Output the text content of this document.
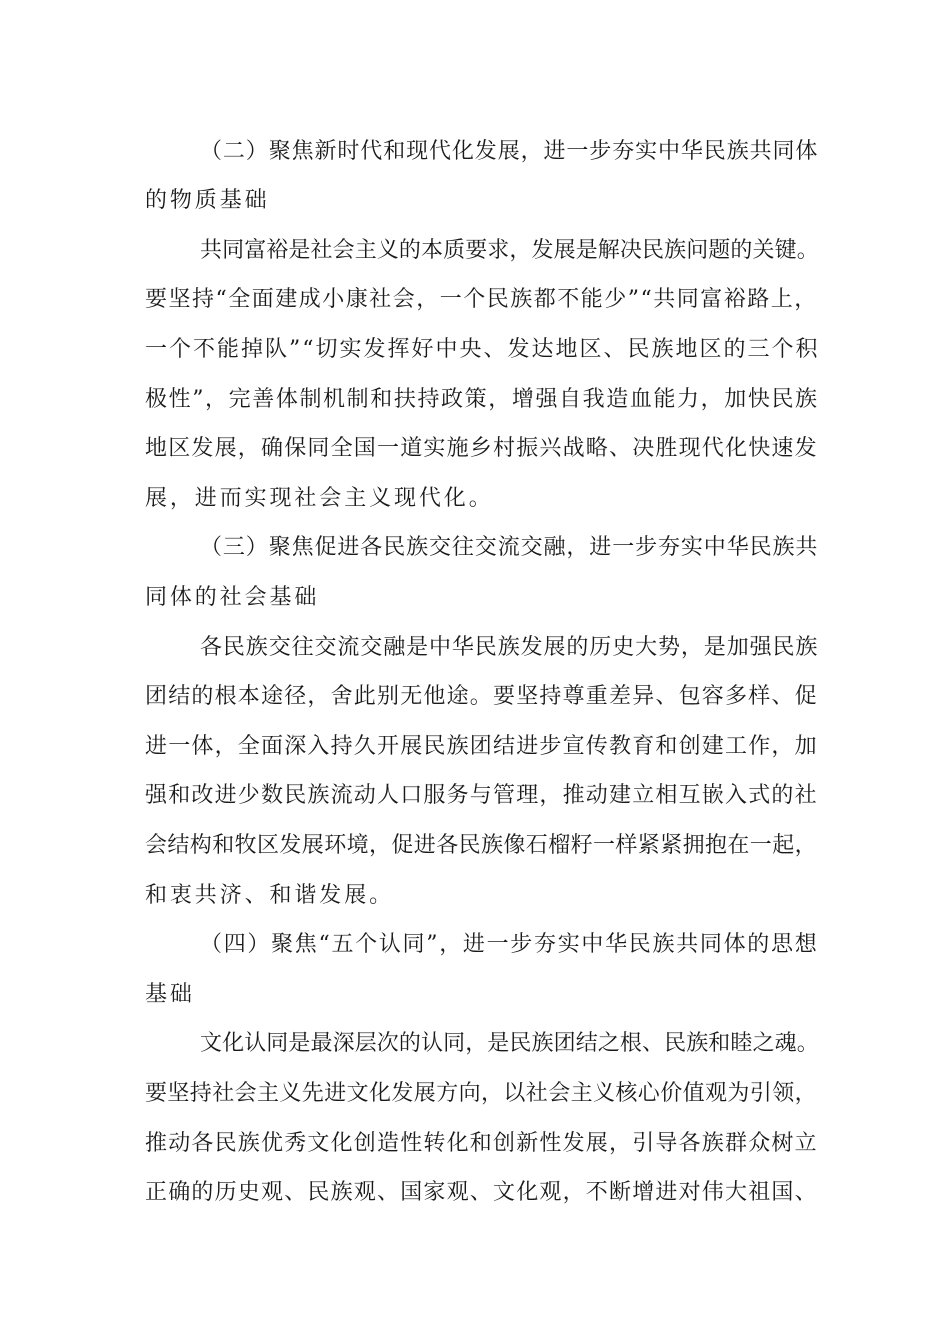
（二）聚焦新时代和现代化发展，进一步夯实中华民族共同体
的物质基础
共同富裕是社会主义的本质要求，发展是解决民族问题的关键。
要坚持“全面建成小康社会，一个民族都不能少”“共同富裕路上，
一个不能掉队”“切实发挥好中央、发达地区、民族地区的三个积
极性”，完善体制机制和扶持政策，增强自我造血能力，加快民族
地区发展，确保同全国一道实施乡村振兴战略、决胜现代化快速发
展，进而实现社会主义现代化。
（三）聚焦促进各民族交往交流交融，进一步夯实中华民族共
同体的社会基础
各民族交往交流交融是中华民族发展的历史大势，是加强民族
团结的根本途径，舍此别无他途。要坚持尊重差异、包容多样、促
进一体，全面深入持久开展民族团结进步宣传教育和创建工作，加
强和改进少数民族流动人口服务与管理，推动建立相互嵌入式的社
会结构和牧区发展环境，促进各民族像石榴籽一样紧紧拥抱在一起，
和衷共济、和谐发展。
（四）聚焦“五个认同”，进一步夯实中华民族共同体的思想
基础
文化认同是最深层次的认同，是民族团结之根、民族和睦之魂。
要坚持社会主义先进文化发展方向，以社会主义核心价值观为引领，
推动各民族优秀文化创造性转化和创新性发展，引导各族群众树立
正确的历史观、民族观、国家观、文化观，不断增进对伟大祖国、
